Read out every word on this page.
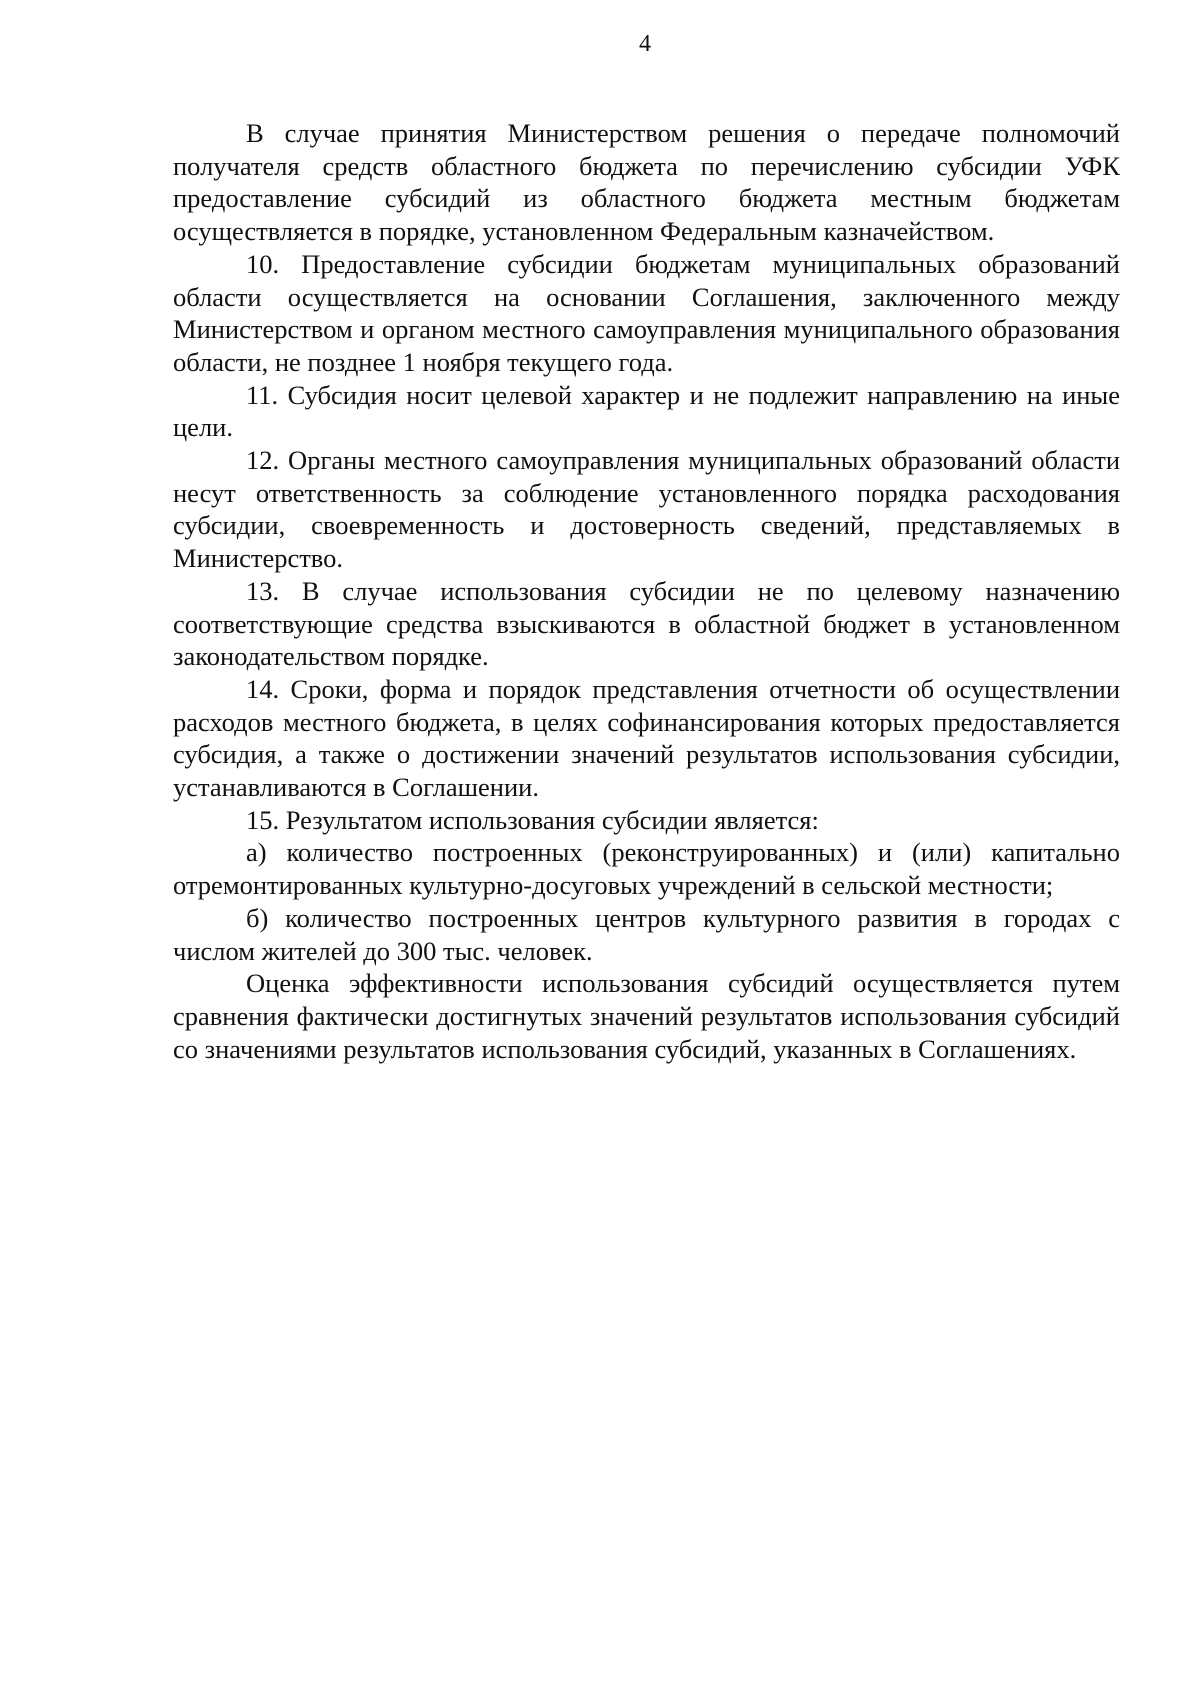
4

В случае принятия Министерством решения о передаче полномочий получателя средств областного бюджета по перечислению субсидии УФК предоставление субсидий из областного бюджета местным бюджетам осуществляется в порядке, установленном Федеральным казначейством.

10. Предоставление субсидии бюджетам муниципальных образований области осуществляется на основании Соглашения, заключенного между Министерством и органом местного самоуправления муниципального образования области, не позднее 1 ноября текущего года.

11. Субсидия носит целевой характер и не подлежит направлению на иные цели.

12. Органы местного самоуправления муниципальных образований области несут ответственность за соблюдение установленного порядка расходования субсидии, своевременность и достоверность сведений, представляемых в Министерство.

13. В случае использования субсидии не по целевому назначению соответствующие средства взыскиваются в областной бюджет в установленном законодательством порядке.

14. Сроки, форма и порядок представления отчетности об осуществлении расходов местного бюджета, в целях софинансирования которых предоставляется субсидия, а также о достижении значений результатов использования субсидии, устанавливаются в Соглашении.

15. Результатом использования субсидии является:

а) количество построенных (реконструированных) и (или) капитально отремонтированных культурно-досуговых учреждений в сельской местности;

б) количество построенных центров культурного развития в городах с числом жителей до 300 тыс. человек.

Оценка эффективности использования субсидий осуществляется путем сравнения фактически достигнутых значений результатов использования субсидий со значениями результатов использования субсидий, указанных в Соглашениях.
